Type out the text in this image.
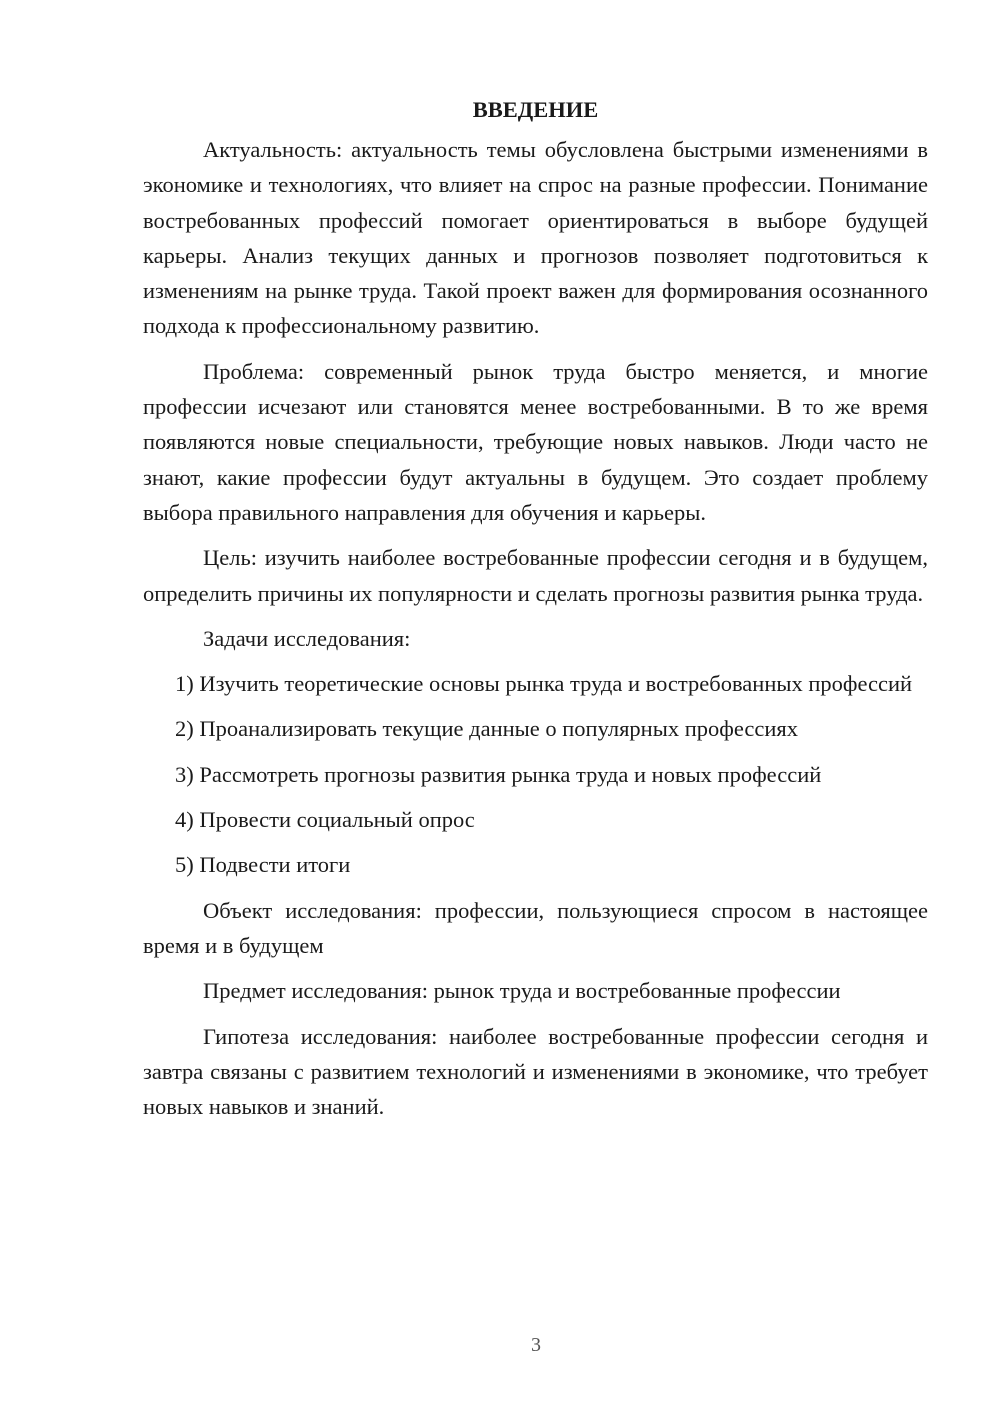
ВВЕДЕНИЕ

Актуальность: актуальность темы обусловлена быстрыми изменениями в экономике и технологиях, что влияет на спрос на разные профессии. Понимание востребованных профессий помогает ориентироваться в выборе будущей карьеры. Анализ текущих данных и прогнозов позволяет подготовиться к изменениям на рынке труда. Такой проект важен для формирования осознанного подхода к профессиональному развитию.

Проблема: современный рынок труда быстро меняется, и многие профессии исчезают или становятся менее востребованными. В то же время появляются новые специальности, требующие новых навыков. Люди часто не знают, какие профессии будут актуальны в будущем. Это создает проблему выбора правильного направления для обучения и карьеры.

Цель: изучить наиболее востребованные профессии сегодня и в будущем, определить причины их популярности и сделать прогнозы развития рынка труда.

Задачи исследования:

1) Изучить теоретические основы рынка труда и востребованных профессий

2) Проанализировать текущие данные о популярных профессиях

3) Рассмотреть прогнозы развития рынка труда и новых профессий

4) Провести социальный опрос

5) Подвести итоги

Объект исследования: профессии, пользующиеся спросом в настоящее время и в будущем

Предмет исследования: рынок труда и востребованные профессии

Гипотеза исследования: наиболее востребованные профессии сегодня и завтра связаны с развитием технологий и изменениями в экономике, что требует новых навыков и знаний.

3
